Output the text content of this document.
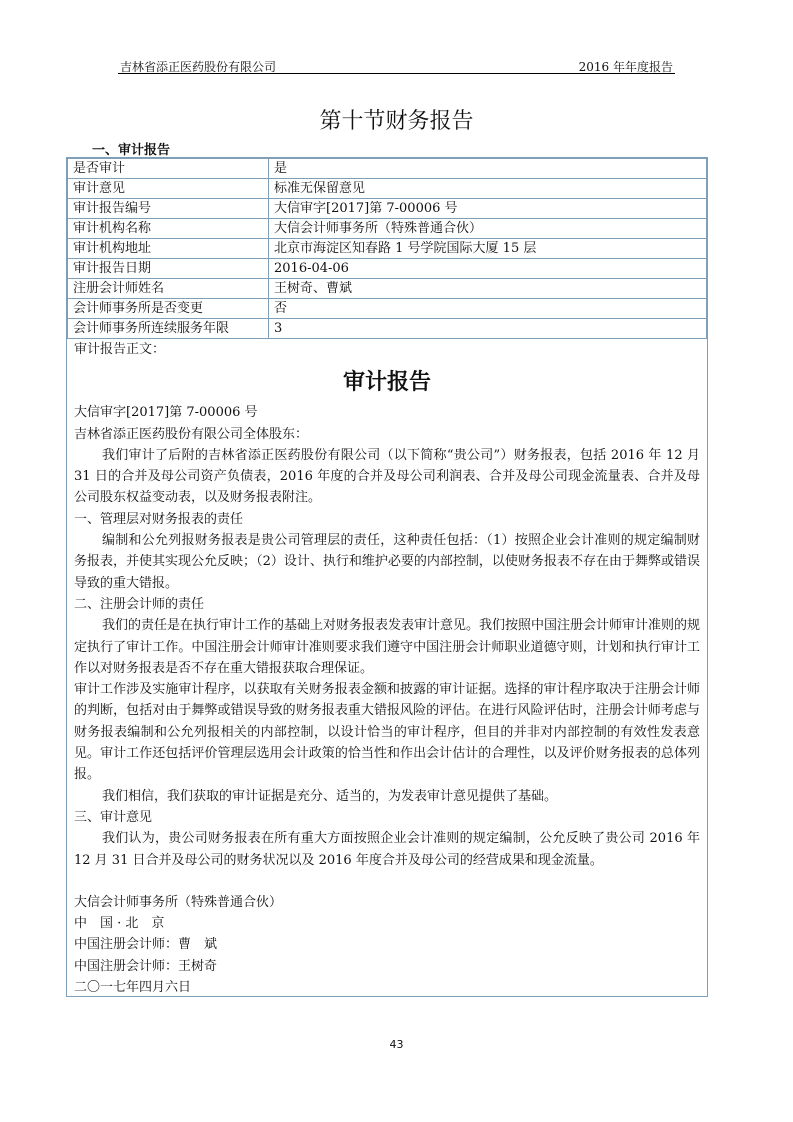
吉林省添正医药股份有限公司	2016 年年度报告
第十节财务报告
一、审计报告
是否审计	是
审计意见	标准无保留意见
审计报告编号	大信审字[2017]第 7-00006 号
审计机构名称	大信会计师事务所（特殊普通合伙）
审计机构地址	北京市海淀区知春路 1 号学院国际大厦 15 层
审计报告日期	2016-04-06
注册会计师姓名	王树奇、曹斌
会计师事务所是否变更	否
会计师事务所连续服务年限	3

审计报告正文：

审计报告

大信审字[2017]第 7-00006 号

吉林省添正医药股份有限公司全体股东：

我们审计了后附的吉林省添正医药股份有限公司（以下简称“贵公司”）财务报表，包括 2016 年 12 月 31 日的合并及母公司资产负债表，2016 年度的合并及母公司利润表、合并及母公司现金流量表、合并及母公司股东权益变动表，以及财务报表附注。

一、管理层对财务报表的责任

编制和公允列报财务报表是贵公司管理层的责任，这种责任包括：（1）按照企业会计准则的规定编制财务报表，并使其实现公允反映；（2）设计、执行和维护必要的内部控制，以使财务报表不存在由于舞弊或错误导致的重大错报。

二、注册会计师的责任

我们的责任是在执行审计工作的基础上对财务报表发表审计意见。我们按照中国注册会计师审计准则的规定执行了审计工作。中国注册会计师审计准则要求我们遵守中国注册会计师职业道德守则，计划和执行审计工作以对财务报表是否不存在重大错报获取合理保证。

审计工作涉及实施审计程序，以获取有关财务报表金额和披露的审计证据。选择的审计程序取决于注册会计师的判断，包括对由于舞弊或错误导致的财务报表重大错报风险的评估。在进行风险评估时，注册会计师考虑与财务报表编制和公允列报相关的内部控制，以设计恰当的审计程序，但目的并非对内部控制的有效性发表意见。审计工作还包括评价管理层选用会计政策的恰当性和作出会计估计的合理性，以及评价财务报表的总体列报。

我们相信，我们获取的审计证据是充分、适当的，为发表审计意见提供了基础。

三、审计意见

我们认为，贵公司财务报表在所有重大方面按照企业会计准则的规定编制，公允反映了贵公司 2016 年 12 月 31 日合并及母公司的财务状况以及 2016 年度合并及母公司的经营成果和现金流量。

大信会计师事务所（特殊普通合伙）

中　国 · 北　京

中国注册会计师：曹　斌

中国注册会计师：王树奇

二〇一七年四月六日

43
